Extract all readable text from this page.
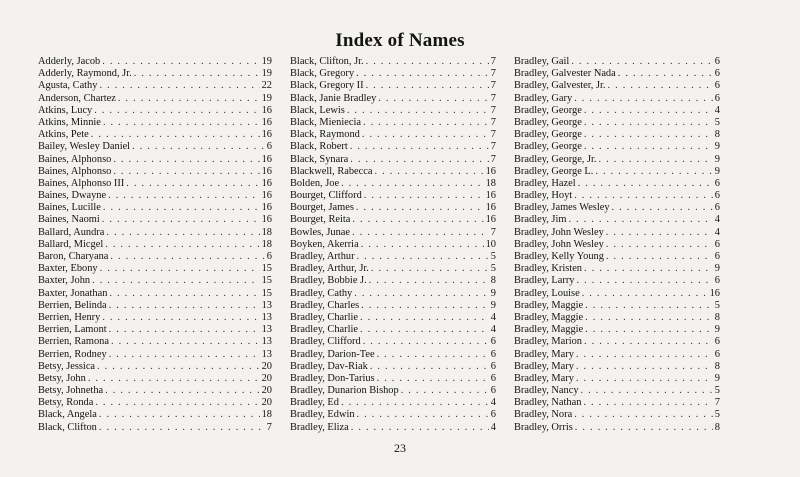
Index of Names
Adderly, Jacob . . .	19
Adderly, Raymond, Jr. . . .	19
Agusta, Cathy . . .	22
Anderson, Chartez . . .	19
Atkins, Lucy . . .	16
Atkins, Minnie . . .	16
Atkins, Pete . . .	16
Bailey, Wesley Daniel . . .	6
Baines, Alphonso . . .	16
Baines, Alphonso . . .	16
Baines, Alphonso III . . .	16
Baines, Dwayne . . .	16
Baines, Lucille . . .	16
Baines, Naomi . . .	16
Ballard, Aundra . . .	18
Ballard, Micgel . . .	18
Baron, Charyana . . .	6
Baxter, Ebony . . .	15
Baxter, John . . .	15
Baxter, Jonathan . . .	15
Berrien, Belinda . . .	13
Berrien, Henry . . .	13
Berrien, Lamont . . .	13
Berrien, Ramona . . .	13
Berrien, Rodney . . .	13
Betsy, Jessica . . .	20
Betsy, John . . .	20
Betsy, Johnetha . . .	20
Betsy, Ronda . . .	20
Black, Angela . . .	18
Black, Clifton . . .	7
Black, Clifton, Jr. . . .	7
Black, Gregory . . .	7
Black, Gregory II . . .	7
Black, Janie Bradley . . .	7
Black, Lewis . . .	7
Black, Mieniecia . . .	7
Black, Raymond . . .	7
Black, Robert . . .	7
Black, Synara . . .	7
Blackwell, Rabecca . . .	16
Bolden, Joe . . .	18
Bourget, Clifford . . .	16
Bourget, James . . .	16
Bourget, Reita . . .	16
Bowles, Junae . . .	7
Boyken, Akerria . . .	10
Bradley, Arthur . . .	5
Bradley, Arthur, Jr. . . .	5
Bradley, Bobbie J. . . .	8
Bradley, Cathy . . .	9
Bradley, Charles . . .	9
Bradley, Charlie . . .	4
Bradley, Charlie . . .	4
Bradley, Clifford . . .	6
Bradley, Darion-Tee . . .	6
Bradley, Dav-Riak . . .	6
Bradley, Don-Tarius . . .	6
Bradley, Dunarion Bishop . . .	6
Bradley, Ed . . .	4
Bradley, Edwin . . .	6
Bradley, Eliza . . .	4
Bradley, Gail . . .	6
Bradley, Galvester Nada . . .	6
Bradley, Galvester, Jr. . . .	6
Bradley, Gary . . .	6
Bradley, George . . .	4
Bradley, George . . .	5
Bradley, George . . .	8
Bradley, George . . .	9
Bradley, George, Jr. . . .	9
Bradley, George L. . . .	9
Bradley, Hazel . . .	6
Bradley, Hoyt . . .	6
Bradley, James Wesley . . .	6
Bradley, Jim . . .	4
Bradley, John Wesley . . .	4
Bradley, John Wesley . . .	6
Bradley, Kelly Young . . .	6
Bradley, Kristen . . .	9
Bradley, Larry . . .	6
Bradley, Louise . . .	16
Bradley, Maggie . . .	5
Bradley, Maggie . . .	8
Bradley, Maggie . . .	9
Bradley, Marion . . .	6
Bradley, Mary . . .	6
Bradley, Mary . . .	8
Bradley, Mary . . .	9
Bradley, Nancy . . .	5
Bradley, Nathan . . .	7
Bradley, Nora . . .	5
Bradley, Orris . . .	8
23
